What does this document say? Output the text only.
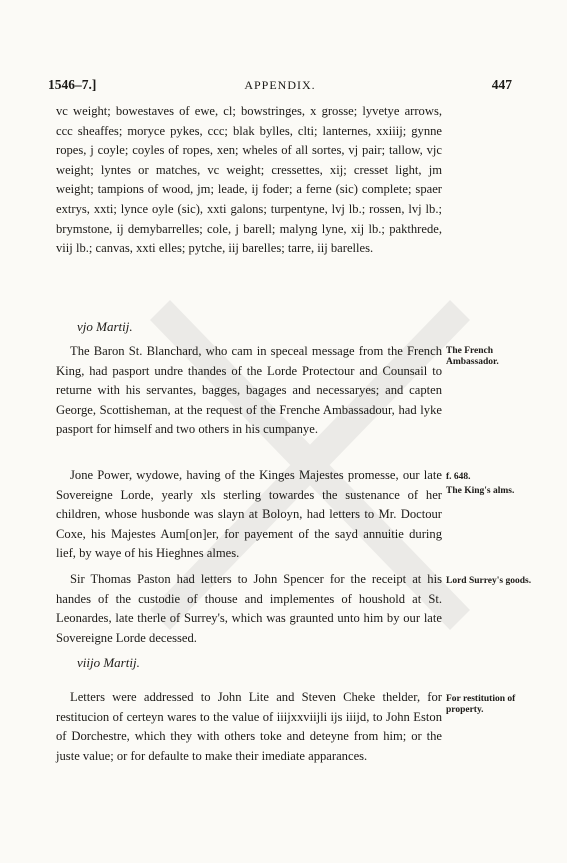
1546–7.]	APPENDIX.	447

vc weight; bowestaves of ewe, cl; bowstringes, x grosse; lyvetye arrows, ccc sheaffes; moryce pykes, ccc; blak bylles, clti; lanternes, xxiiij; gynne ropes, j coyle; coyles of ropes, xen; wheles of all sortes, vj pair; tallow, vjc weight; lyntes or matches, vc weight; cressettes, xij; cresset light, jm weight; tampions of wood, jm; leade, ij foder; a ferne (sic) complete; spaer extrys, xxti; lynce oyle (sic), xxti galons; turpentyne, lvj lb.; rossen, lvj lb.; brymstone, ij demybarrelles; cole, j barell; malyng lyne, xij lb.; pakthrede, viij lb.; canvas, xxti elles; pytche, iij barelles; tarre, iij barelles.

vjo Martij.

The Baron St. Blanchard, who cam in speceal message from the French King, had pasport undre thandes of the Lorde Protectour and Counsail to returne with his servantes, bagges, bagages and necessaryes; and capten George, Scottisheman, at the request of the Frenche Ambassadour, had lyke pasport for himself and two others in his cumpanye.

The French Ambassador.

Jone Power, wydowe, having of the Kinges Majestes promesse, our late Sovereigne Lorde, yearly xls sterling towardes the sustenance of her children, whose husbonde was slayn at Boloyn, had letters to Mr. Doctour Coxe, his Majestes Aum[on]er, for payement of the sayd annuitie during lief, by waye of his Hieghnes almes.

f. 648.
The King's alms.

Sir Thomas Paston had letters to John Spencer for the receipt at his handes of the custodie of thouse and implementes of houshold at St. Leonardes, late therle of Surrey's, which was graunted unto him by our late Sovereigne Lorde decessed.

Lord Surrey's goods.
viijo Martij.

Letters were addressed to John Lite and Steven Cheke thelder, for restitucion of certeyn wares to the value of iiijxxviijli ijs iiijd, to John Eston of Dorchestre, which they with others toke and deteyne from him; or the juste value; or for defaulte to make their imediate apparances.

For restitution of property.
